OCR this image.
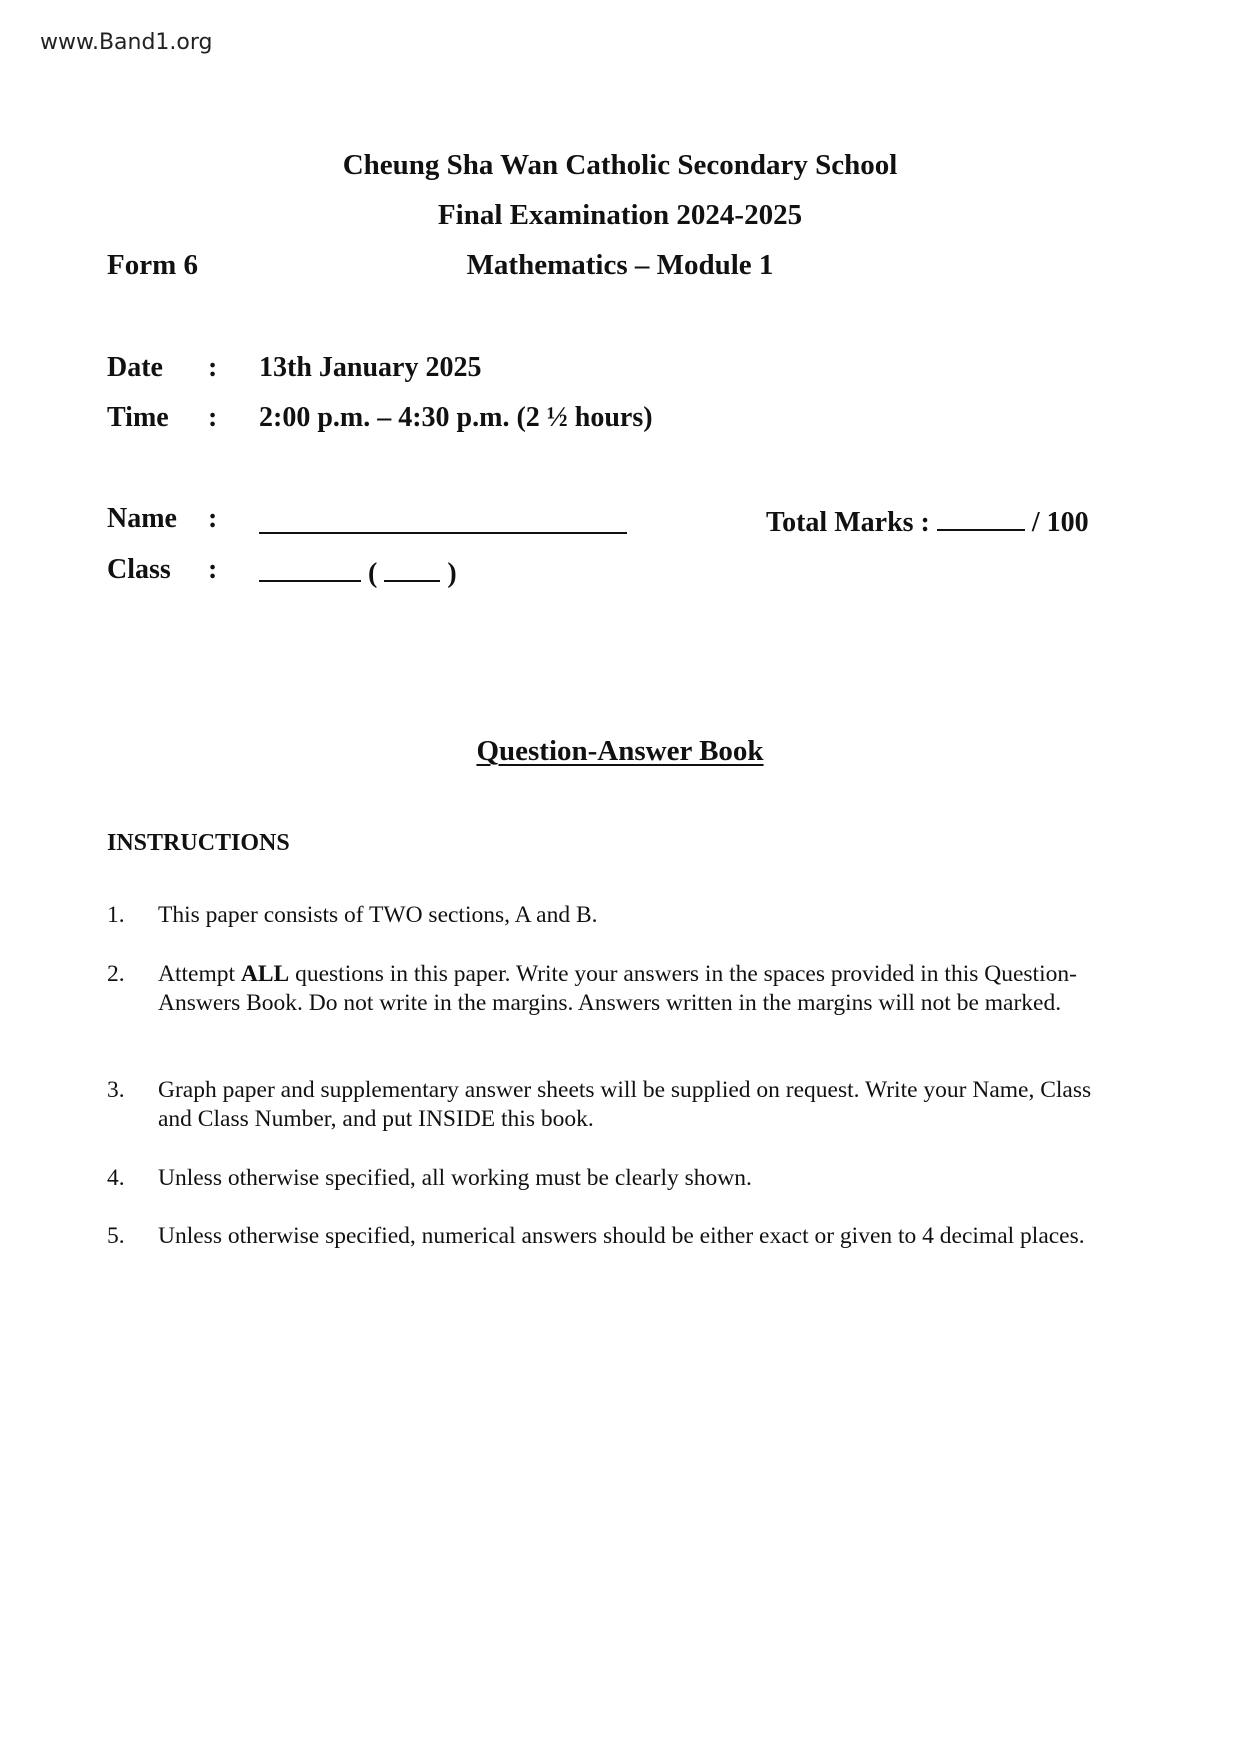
www.Band1.org
Cheung Sha Wan Catholic Secondary School
Final Examination 2024-2025
Form 6	Mathematics – Module 1
Date : 13th January 2025
Time : 2:00 p.m. – 4:30 p.m. (2 ½ hours)
Name :	Total Marks :	/ 100
Class :	(	)
Question-Answer Book
INSTRUCTIONS
1. This paper consists of TWO sections, A and B.
2. Attempt ALL questions in this paper. Write your answers in the spaces provided in this Question-Answers Book. Do not write in the margins. Answers written in the margins will not be marked.
3. Graph paper and supplementary answer sheets will be supplied on request. Write your Name, Class and Class Number, and put INSIDE this book.
4. Unless otherwise specified, all working must be clearly shown.
5. Unless otherwise specified, numerical answers should be either exact or given to 4 decimal places.
